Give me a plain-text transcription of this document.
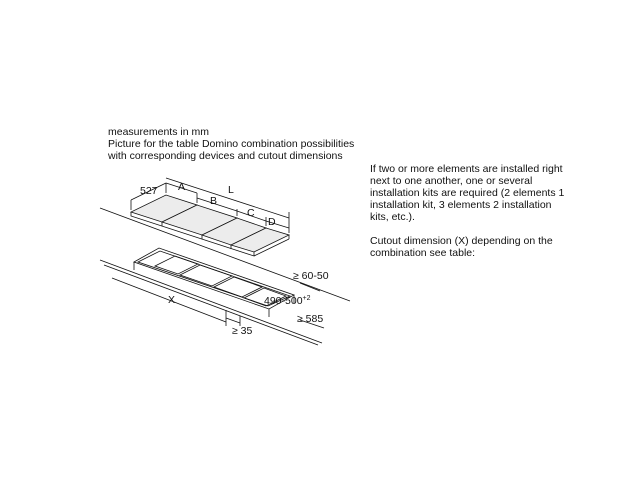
measurements in mm
Picture for the table Domino combination possibilities
with corresponding devices and cutout dimensions

If two or more elements are installed right next to one another, one or several installation kits are required (2 elements 1 installation kit, 3 elements 2 installation kits, etc.).

Cutout dimension (X) depending on the combination see table:

527 A	L
B
C
D
X
≥ 60-50
$490-500^{+2}$
≥ 35
≥ 585
